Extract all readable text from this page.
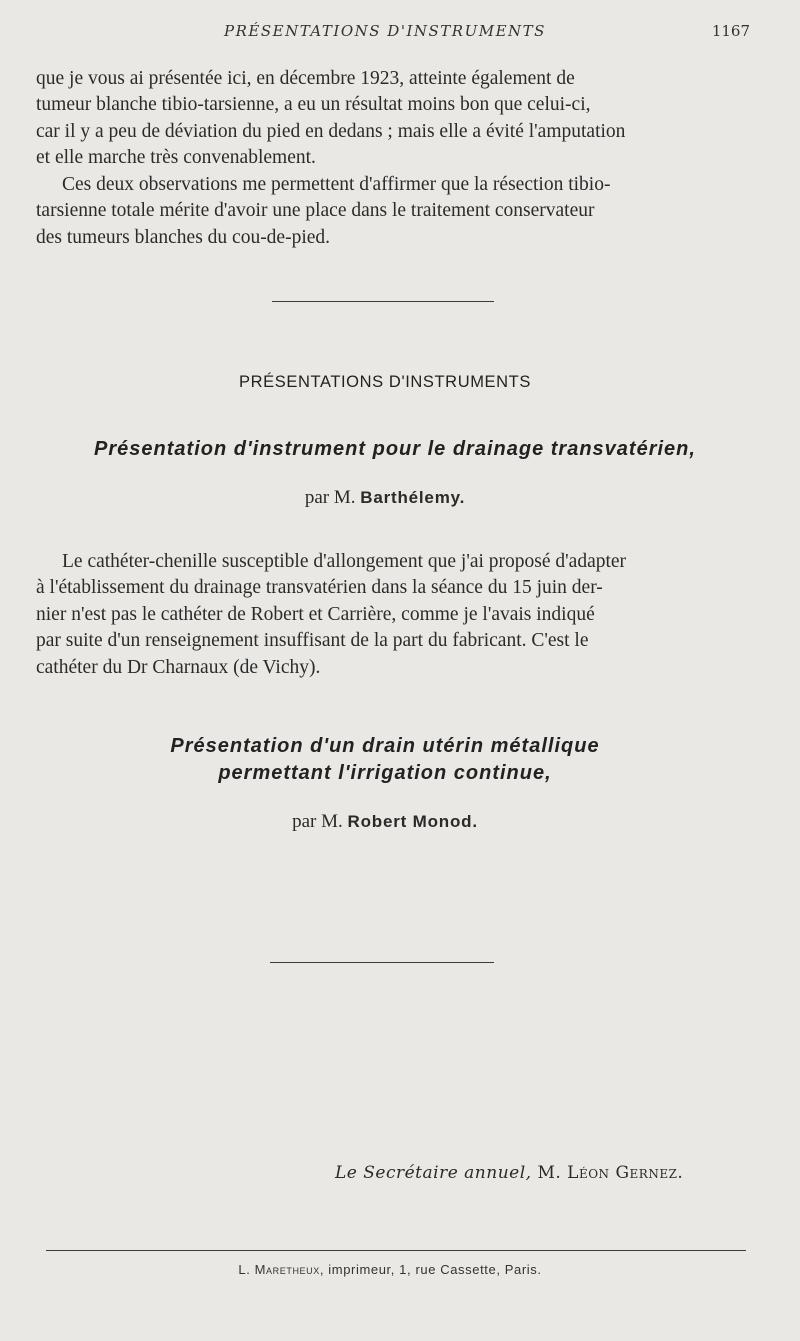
PRÉSENTATIONS D'INSTRUMENTS	1167
que je vous ai présentée ici, en décembre 1923, atteinte également de
tumeur blanche tibio-tarsienne, a eu un résultat moins bon que celui-ci,
car il y a peu de déviation du pied en dedans ; mais elle a évité l'amputation
et elle marche très convenablement.
Ces deux observations me permettent d'affirmer que la résection tibio-
tarsienne totale mérite d'avoir une place dans le traitement conservateur
des tumeurs blanches du cou-de-pied.
PRÉSENTATIONS D'INSTRUMENTS
Présentation d'instrument pour le drainage transvatérien,
par M. Barthélemy.
Le cathéter-chenille susceptible d'allongement que j'ai proposé d'adapter
à l'établissement du drainage transvatérien dans la séance du 15 juin der-
nier n'est pas le cathéter de Robert et Carrière, comme je l'avais indiqué
par suite d'un renseignement insuffisant de la part du fabricant. C'est le
cathéter du Dr Charnaux (de Vichy).
Présentation d'un drain utérin métallique
permettant l'irrigation continue,
par M. Robert Monod.
Le Secrétaire annuel, M. Léon Gernez.
L. Maretheux, imprimeur, 1, rue Cassette, Paris.
